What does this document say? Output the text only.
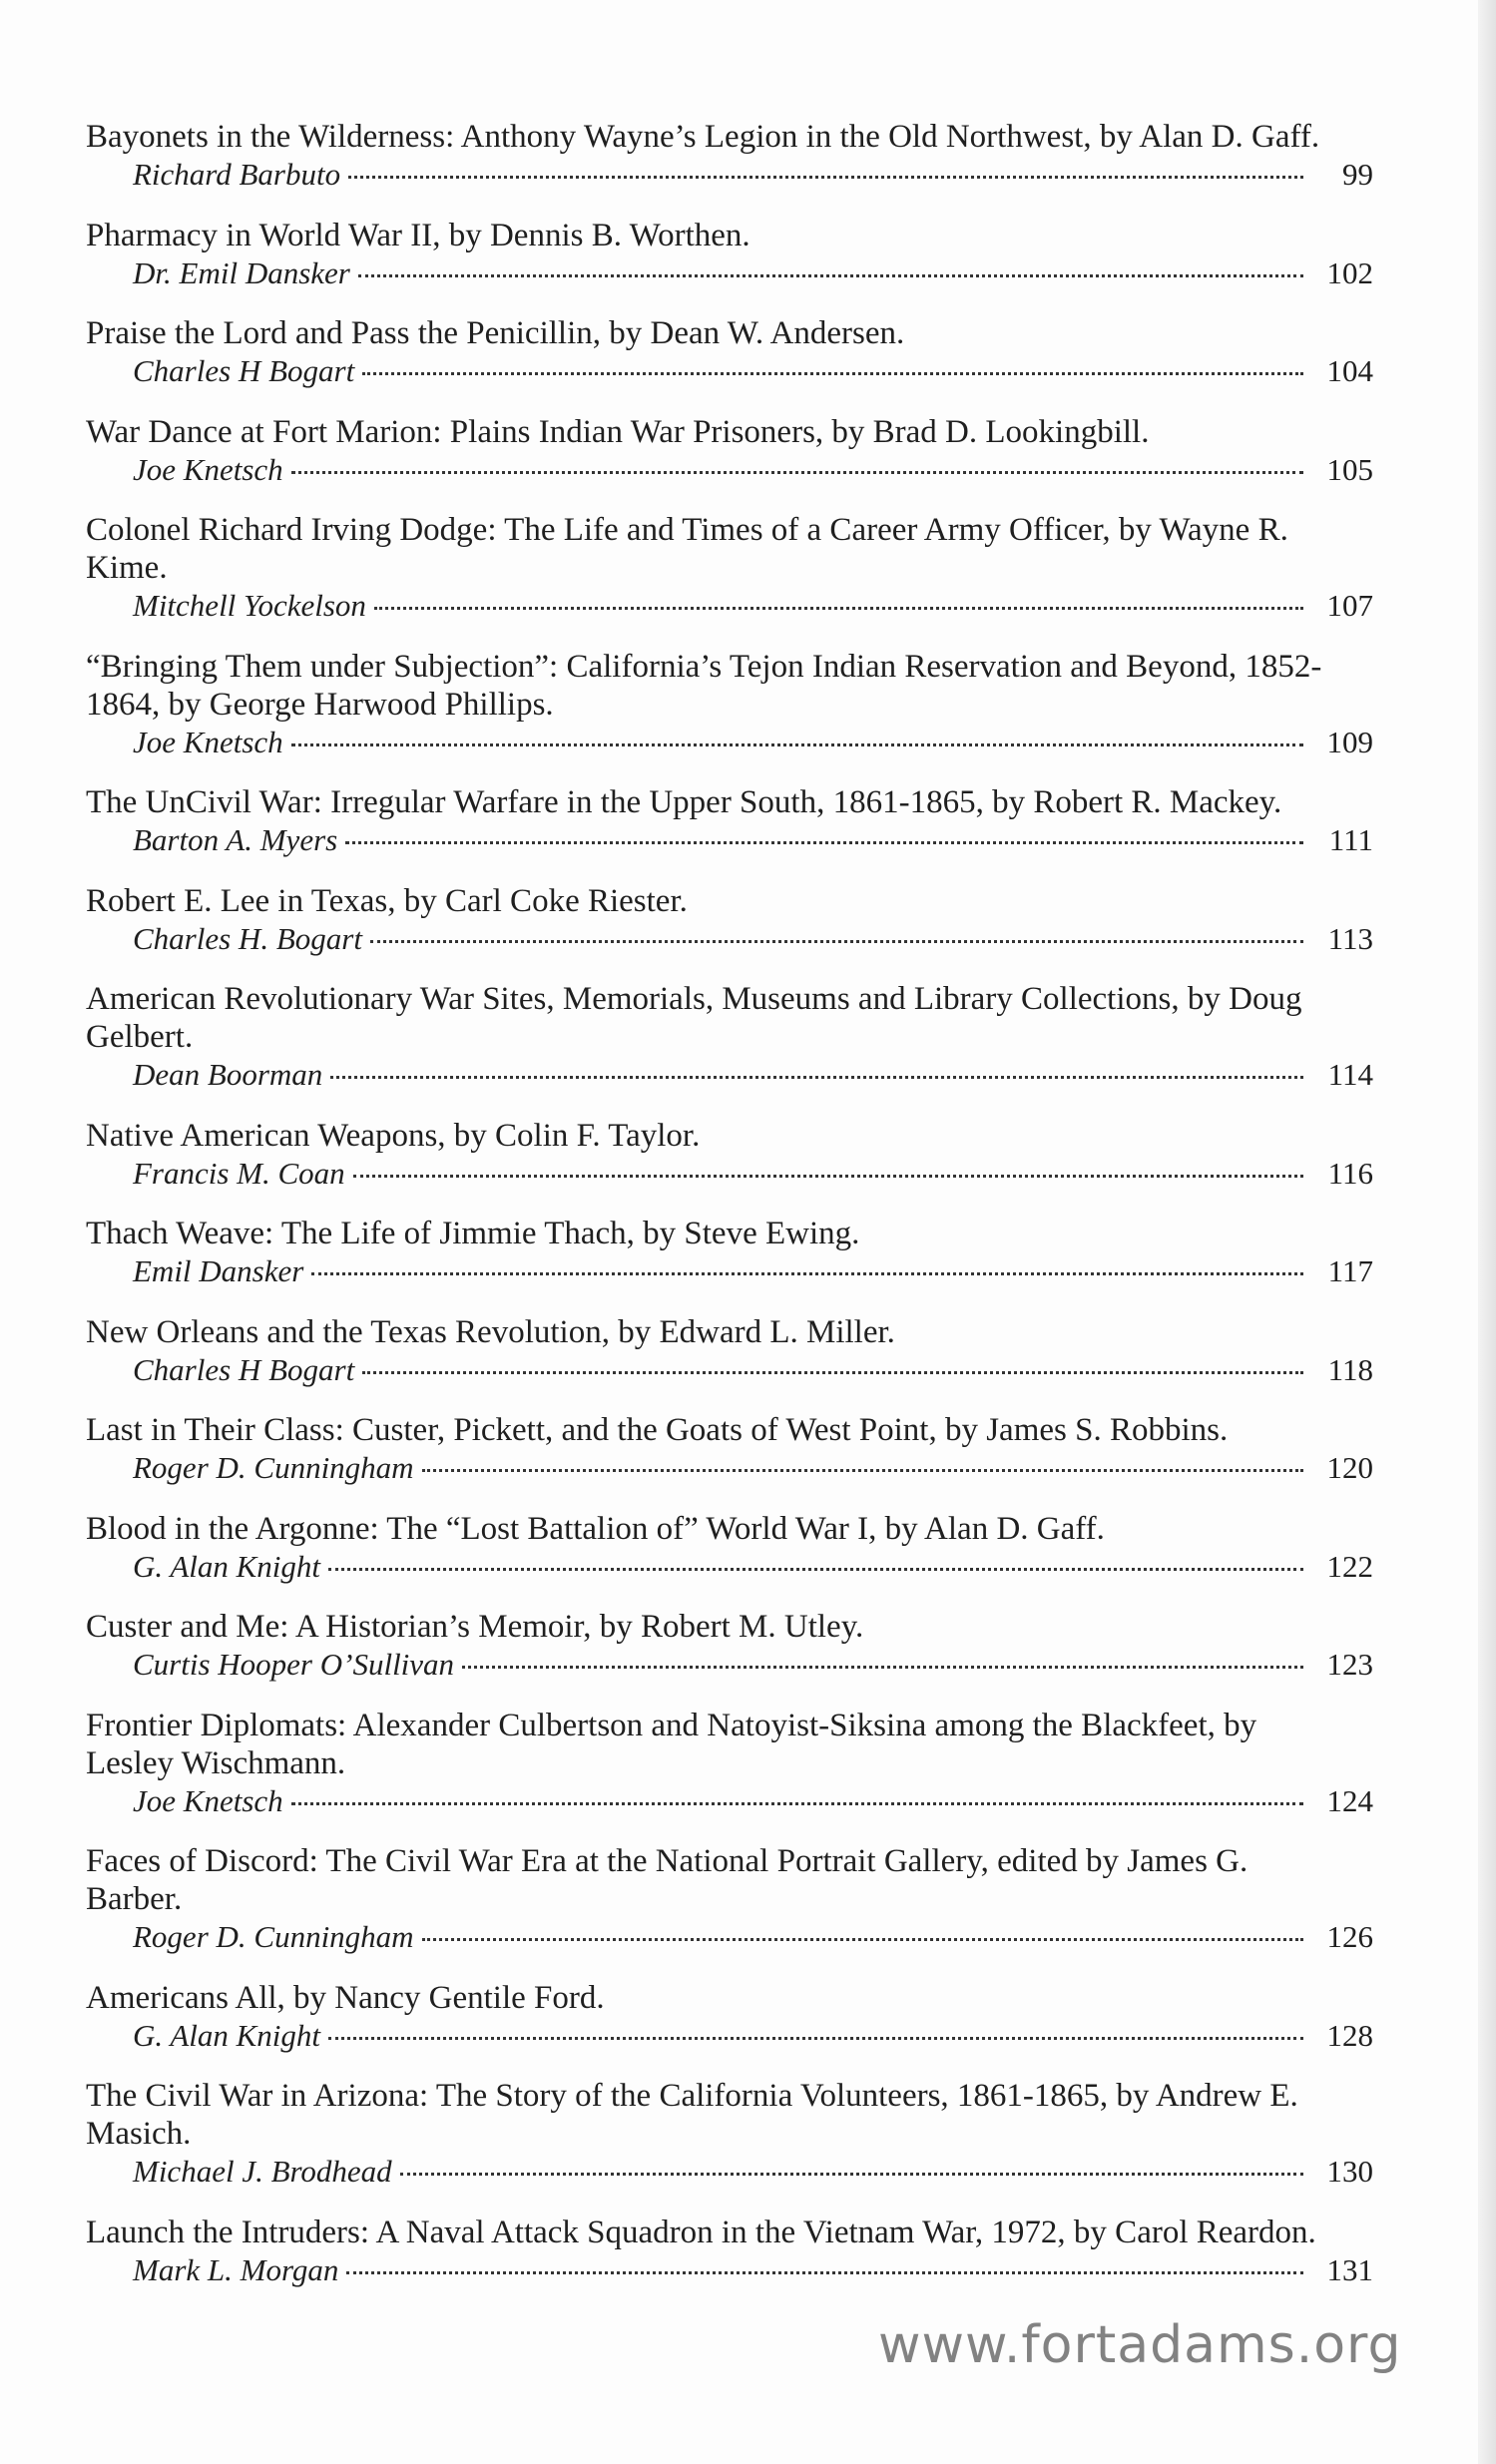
Bayonets in the Wilderness: Anthony Wayne’s Legion in the Old Northwest, by Alan D. Gaff.
Richard Barbuto	99
Pharmacy in World War II, by Dennis B. Worthen.
Dr. Emil Dansker	102
Praise the Lord and Pass the Penicillin, by Dean W. Andersen.
Charles H Bogart	104
War Dance at Fort Marion: Plains Indian War Prisoners, by Brad D. Lookingbill.
Joe Knetsch	105
Colonel Richard Irving Dodge: The Life and Times of a Career Army Officer, by Wayne R. Kime.
Mitchell Yockelson	107
“Bringing Them under Subjection”: California’s Tejon Indian Reservation and Beyond, 1852-1864, by George Harwood Phillips.
Joe Knetsch	109
The UnCivil War: Irregular Warfare in the Upper South, 1861-1865, by Robert R. Mackey.
Barton A. Myers	111
Robert E. Lee in Texas, by Carl Coke Riester.
Charles H. Bogart	113
American Revolutionary War Sites, Memorials, Museums and Library Collections, by Doug Gelbert.
Dean Boorman	114
Native American Weapons, by Colin F. Taylor.
Francis M. Coan	116
Thach Weave: The Life of Jimmie Thach, by Steve Ewing.
Emil Dansker	117
New Orleans and the Texas Revolution, by Edward L. Miller.
Charles H Bogart	118
Last in Their Class: Custer, Pickett, and the Goats of West Point, by James S. Robbins.
Roger D. Cunningham	120
Blood in the Argonne: The “Lost Battalion of” World War I, by Alan D. Gaff.
G. Alan Knight	122
Custer and Me: A Historian’s Memoir, by Robert M. Utley.
Curtis Hooper O’Sullivan	123
Frontier Diplomats: Alexander Culbertson and Natoyist-Siksina among the Blackfeet, by Lesley Wischmann.
Joe Knetsch	124
Faces of Discord: The Civil War Era at the National Portrait Gallery, edited by James G. Barber.
Roger D. Cunningham	126
Americans All, by Nancy Gentile Ford.
G. Alan Knight	128
The Civil War in Arizona: The Story of the California Volunteers, 1861-1865, by Andrew E. Masich.
Michael J. Brodhead	130
Launch the Intruders: A Naval Attack Squadron in the Vietnam War, 1972, by Carol Reardon.
Mark L. Morgan	131
www.fortadams.org
